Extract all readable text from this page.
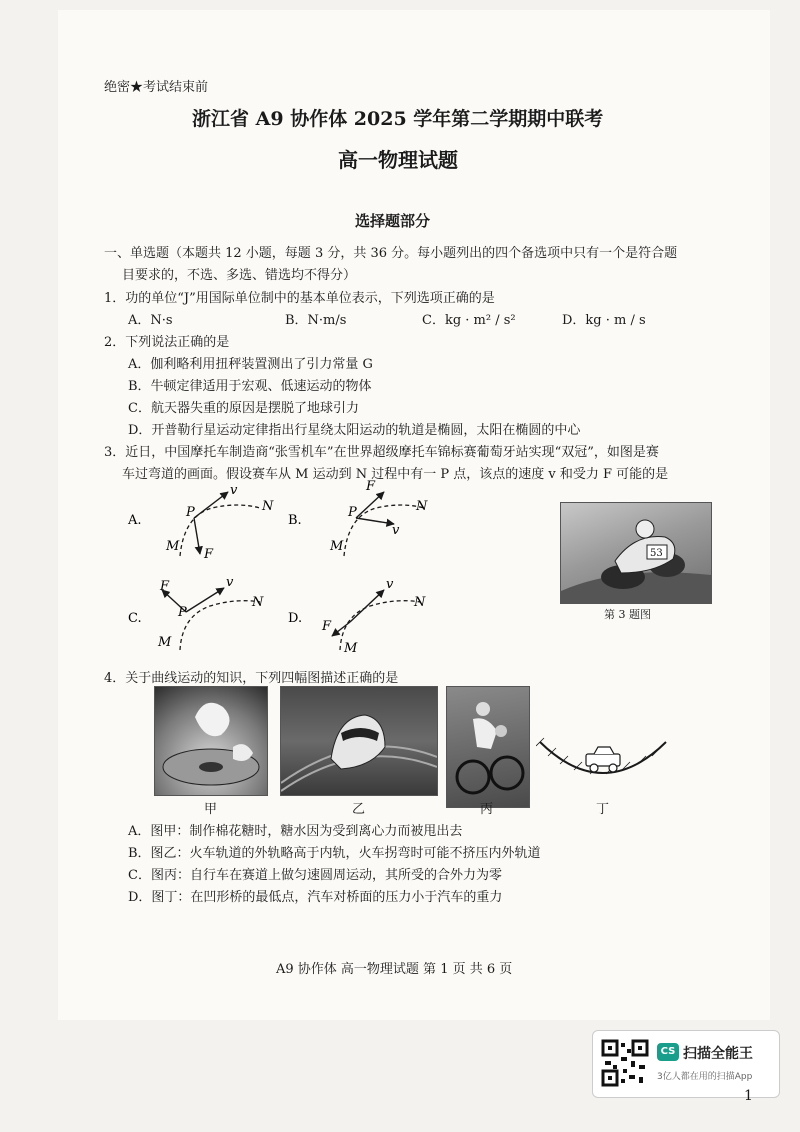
绝密★考试结束前
浙江省 A9 协作体 2025 学年第二学期期中联考
高一物理试题
选择题部分
一、单选题（本题共 12 小题，每题 3 分，共 36 分。每小题列出的四个备选项中只有一个是符合题
目要求的，不选、多选、错选均不得分）
1．功的单位“J”用国际单位制中的基本单位表示，下列选项正确的是
A．N·s	B．N·m/s	C．kg · m² / s²	D．kg · m / s
2．下列说法正确的是
A．伽利略利用扭秤装置测出了引力常量 G
B．牛顿定律适用于宏观、低速运动的物体
C．航天器失重的原因是摆脱了地球引力
D．开普勒行星运动定律指出行星绕太阳运动的轨道是椭圆，太阳在椭圆的中心
3．近日，中国摩托车制造商“张雪机车”在世界超级摩托车锦标赛葡萄牙站实现“双冠”，如图是赛
车过弯道的画面。假设赛车从 M 运动到 N 过程中有一 P 点，该点的速度 v 和受力 F 可能的是
A.
P
v
N
M
F
B.
F
P
v
N
M
C.
F
P
v
N
M
D.
v
F
M
N
53
第 3 题图
4．关于曲线运动的知识，下列四幅图描述正确的是
甲	乙	丙	丁
A．图甲：制作棉花糖时，糖水因为受到离心力而被甩出去
B．图乙：火车轨道的外轨略高于内轨，火车拐弯时可能不挤压内外轨道
C．图丙：自行车在赛道上做匀速圆周运动，其所受的合外力为零
D．图丁：在凹形桥的最低点，汽车对桥面的压力小于汽车的重力
A9 协作体 高一物理试题 第 1 页 共 6 页
CS 扫描全能王
3亿人都在用的扫描App
1
